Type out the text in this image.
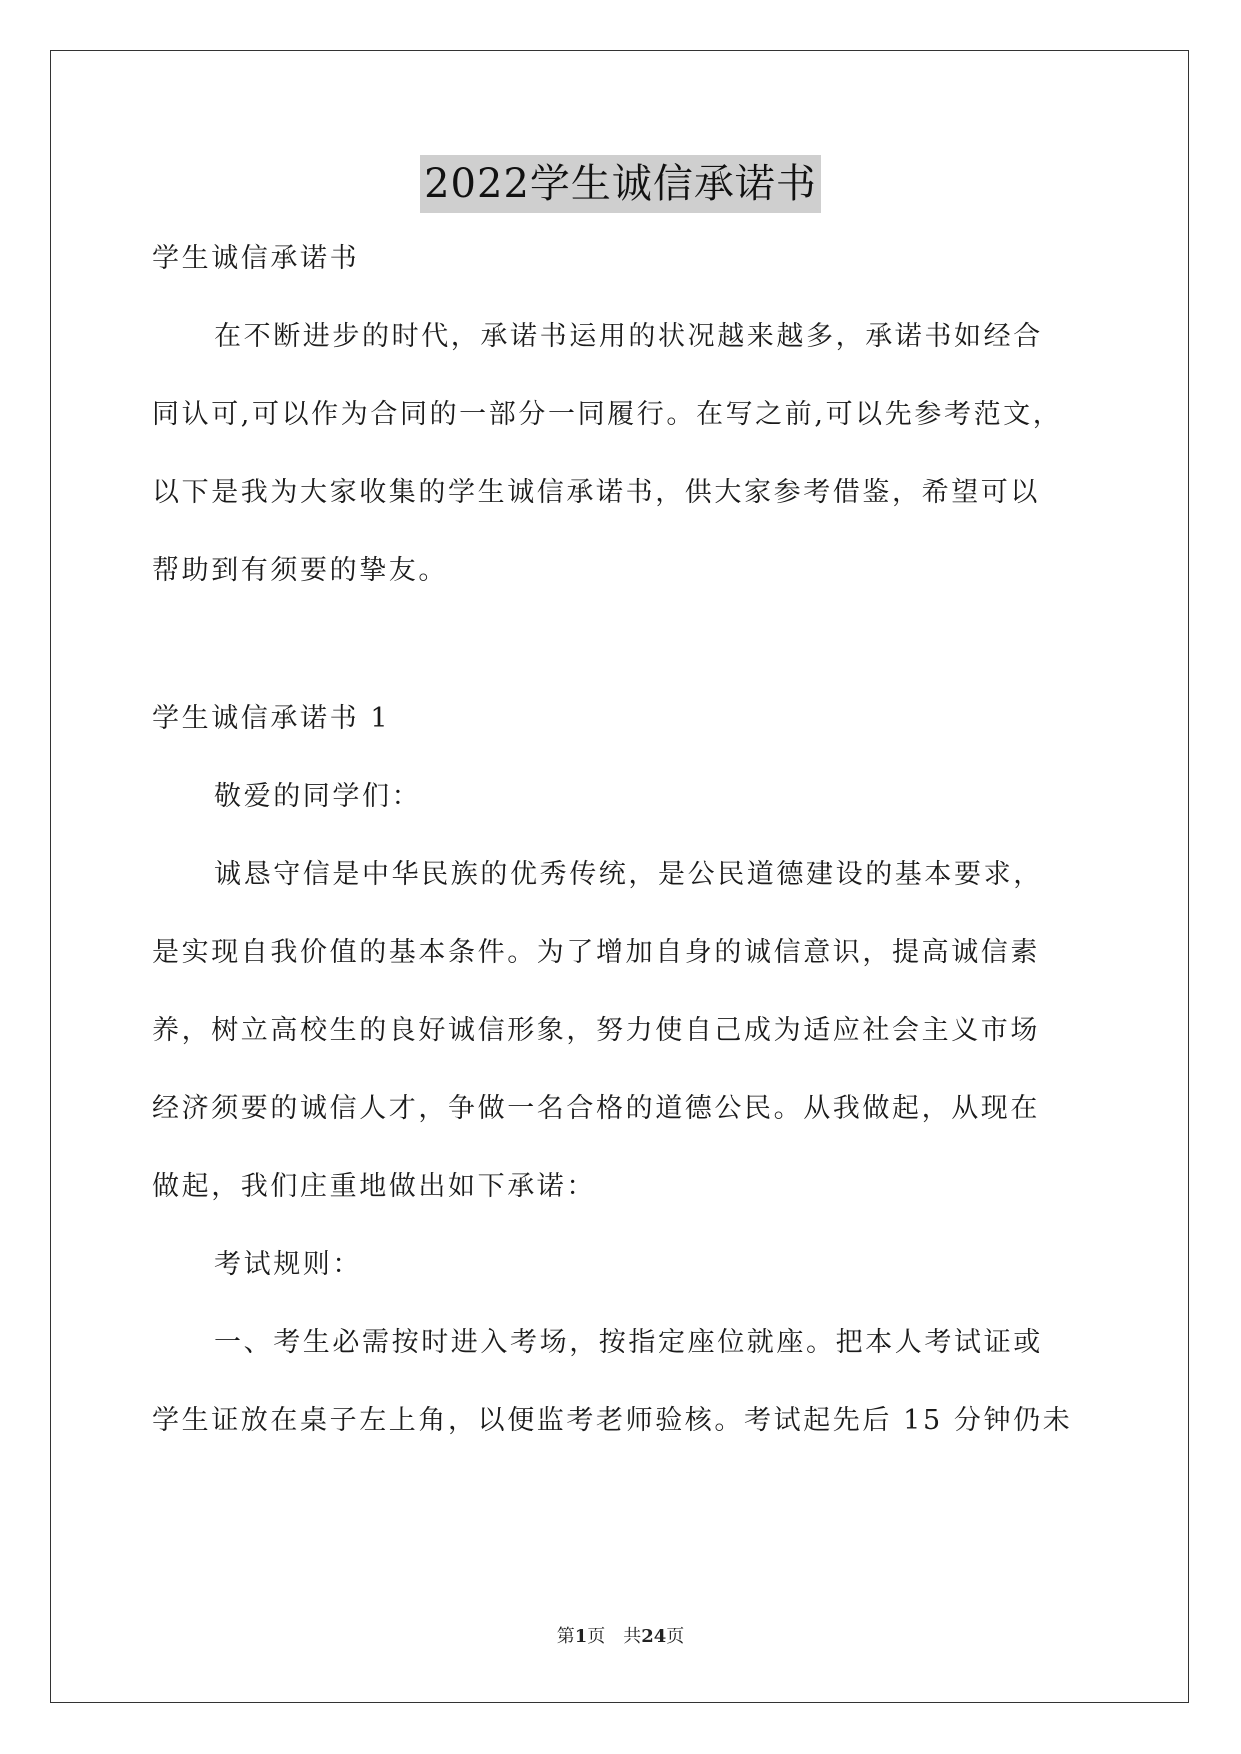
2022学生诚信承诺书
学生诚信承诺书
在不断进步的时代，承诺书运用的状况越来越多，承诺书如经合
同认可,可以作为合同的一部分一同履行。在写之前,可以先参考范文，
以下是我为大家收集的学生诚信承诺书，供大家参考借鉴，希望可以
帮助到有须要的挚友。
学生诚信承诺书 1
敬爱的同学们：
诚恳守信是中华民族的优秀传统，是公民道德建设的基本要求，
是实现自我价值的基本条件。为了增加自身的诚信意识，提高诚信素
养，树立高校生的良好诚信形象，努力使自己成为适应社会主义市场
经济须要的诚信人才，争做一名合格的道德公民。从我做起，从现在
做起，我们庄重地做出如下承诺：
考试规则：
一、考生必需按时进入考场，按指定座位就座。把本人考试证或
学生证放在桌子左上角，以便监考老师验核。考试起先后 15 分钟仍未
第1页 共24页
